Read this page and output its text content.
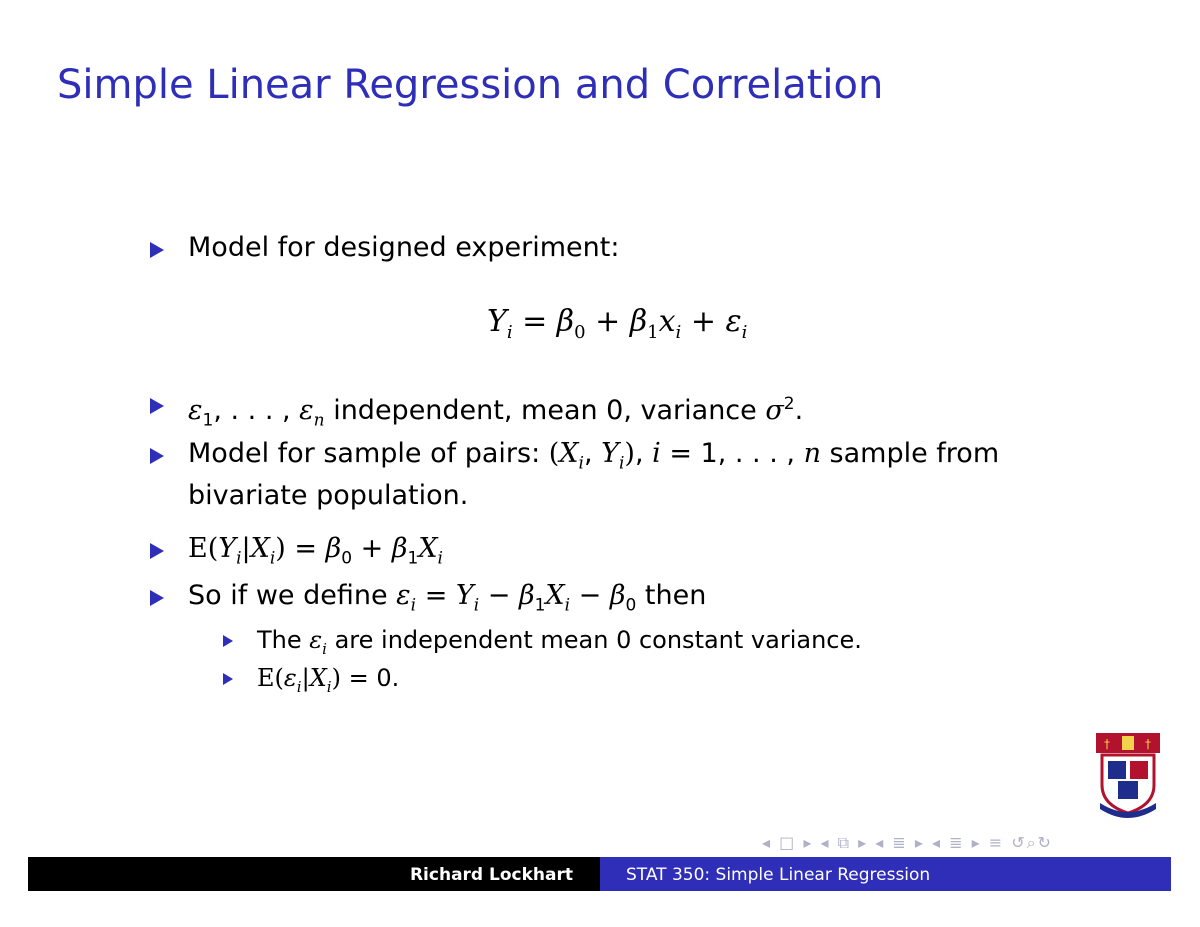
Simple Linear Regression and Correlation
Model for designed experiment:
$Y_i = \beta_0 + \beta_1x_i + \varepsilon_i$
$\varepsilon_1$, . . . , $\varepsilon_n$ independent, mean 0, variance $\sigma^2$.
Model for sample of pairs: ($X_i$, $Y_i$), i = 1, . . . , n sample from
bivariate population.
$E(Y_i|X_i) = \beta_0 + \beta_1X_i$
So if we define $\varepsilon_i = Y_i - \beta_1X_i - \beta_0$ then
The $\varepsilon_i$ are independent mean 0 constant variance.
$E(\varepsilon_i|X_i) = 0$.
†	†
◂ □ ▸ ◂ ⧉ ▸ ◂ ≣ ▸ ◂ ≣ ▸ ≡ ↺⌕↻
Richard Lockhart	STAT 350: Simple Linear Regression
